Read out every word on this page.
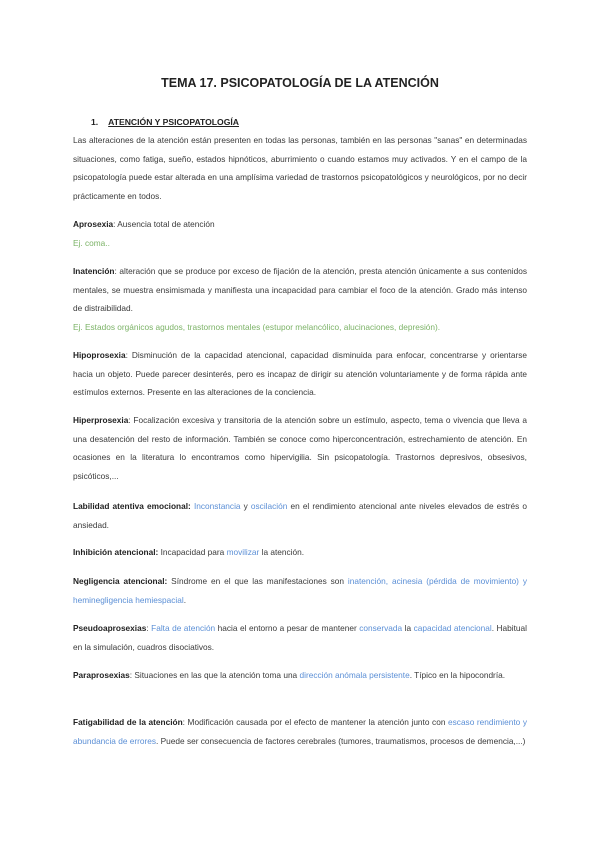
TEMA 17. PSICOPATOLOGÍA DE LA ATENCIÓN
1. ATENCIÓN Y PSICOPATOLOGÍA
Las alteraciones de la atención están presenten en todas las personas, también en las personas "sanas" en determinadas situaciones, como fatiga, sueño, estados hipnóticos, aburrimiento o cuando estamos muy activados. Y en el campo de la psicopatología puede estar alterada en una amplísima variedad de trastornos psicopatológicos y neurológicos, por no decir prácticamente en todos.
Aprosexia: Ausencia total de atención
Ej. coma..
Inatención: alteración que se produce por exceso de fijación de la atención, presta atención únicamente a sus contenidos mentales, se muestra ensimismada y manifiesta una incapacidad para cambiar el foco de la atención. Grado más intenso de distraibilidad.
Ej. Estados orgánicos agudos, trastornos mentales (estupor melancólico, alucinaciones, depresión).
Hipoprosexia: Disminución de la capacidad atencional, capacidad disminuida para enfocar, concentrarse y orientarse hacia un objeto. Puede parecer desinterés, pero es incapaz de dirigir su atención voluntariamente y de forma rápida ante estímulos externos. Presente en las alteraciones de la conciencia.
Hiperprosexia: Focalización excesiva y transitoria de la atención sobre un estímulo, aspecto, tema o vivencia que lleva a una desatención del resto de información. También se conoce como hiperconcentración, estrechamiento de atención. En ocasiones en la literatura lo encontramos como hipervigilia. Sin psicopatología. Trastornos depresivos, obsesivos, psicóticos,...
Labilidad atentiva emocional: Inconstancia y oscilación en el rendimiento atencional ante niveles elevados de estrés o ansiedad.
Inhibición atencional: Incapacidad para movilizar la atención.
Negligencia atencional: Síndrome en el que las manifestaciones son inatención, acinesia (pérdida de movimiento) y heminegligencia hemiespacial.
Pseudoaprosexias: Falta de atención hacia el entorno a pesar de mantener conservada la capacidad atencional. Habitual en la simulación, cuadros disociativos.
Paraprosexias: Situaciones en las que la atención toma una dirección anómala persistente. Típico en la hipocondría.
Fatigabilidad de la atención: Modificación causada por el efecto de mantener la atención junto con escaso rendimiento y abundancia de errores. Puede ser consecuencia de factores cerebrales (tumores, traumatismos, procesos de demencia,...)
